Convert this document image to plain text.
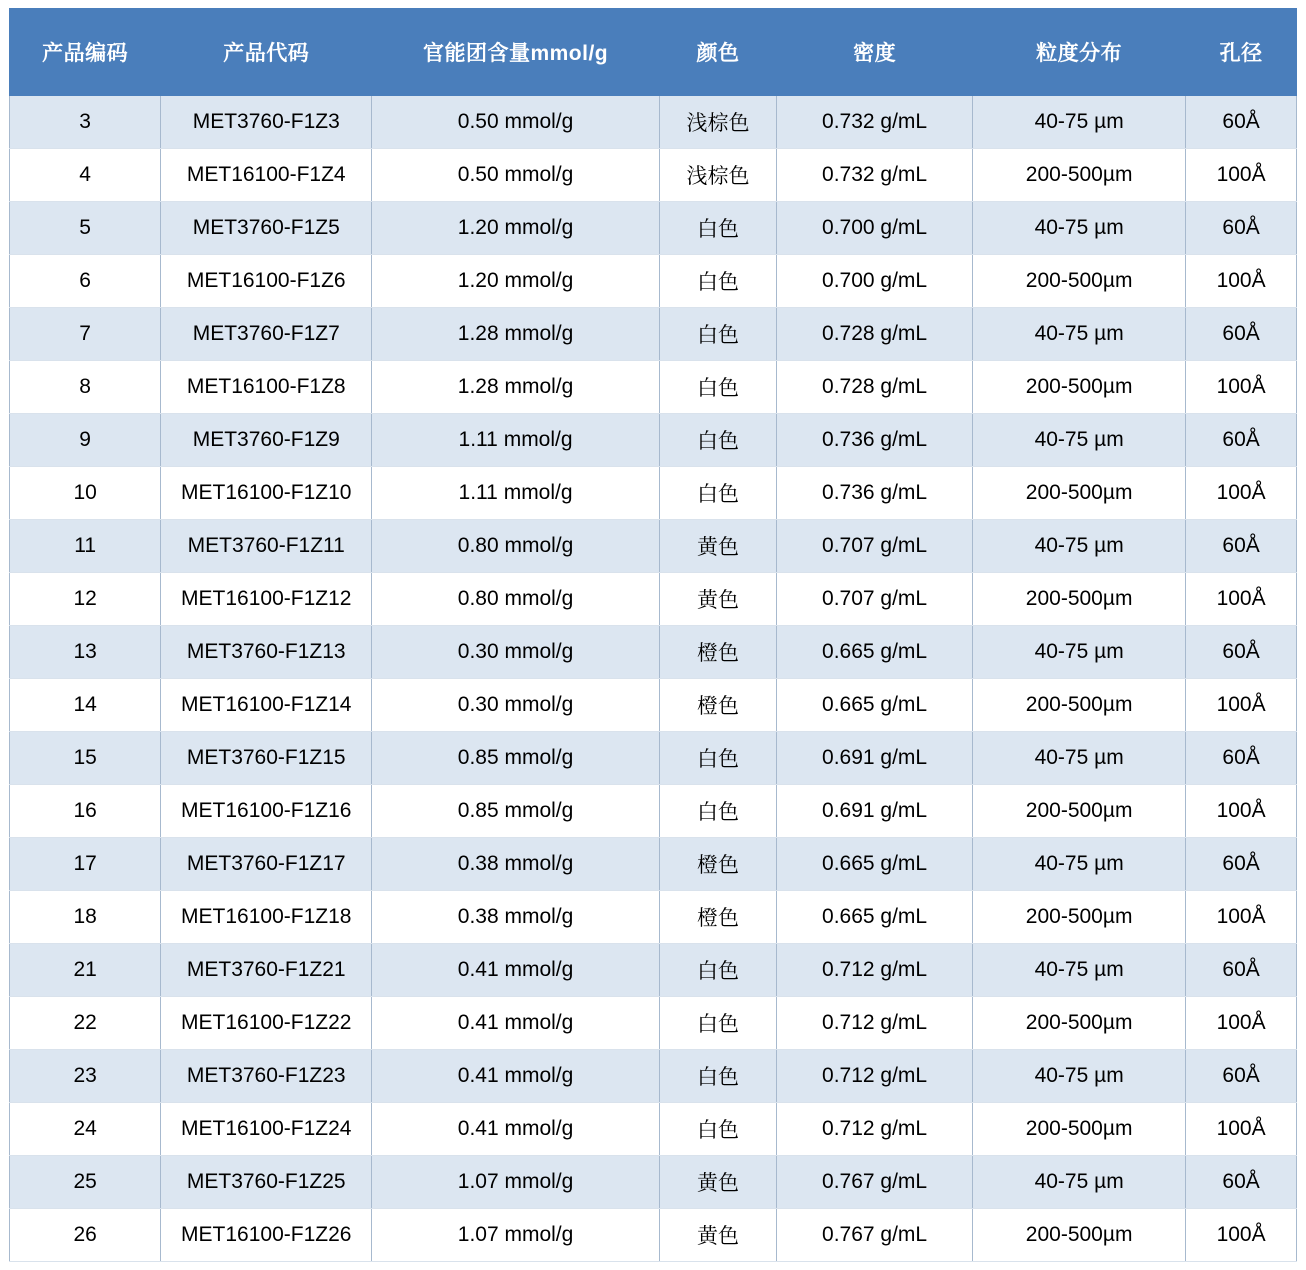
产品编码	产品代码	官能团含量mmol/g	颜色	密度	粒度分布	孔径
3	MET3760-F1Z3	0.50 mmol/g	浅棕色	0.732 g/mL	40-75 µm	60Å
4	MET16100-F1Z4	0.50 mmol/g	浅棕色	0.732 g/mL	200-500µm	100Å
5	MET3760-F1Z5	1.20 mmol/g	白色	0.700 g/mL	40-75 µm	60Å
6	MET16100-F1Z6	1.20 mmol/g	白色	0.700 g/mL	200-500µm	100Å
7	MET3760-F1Z7	1.28 mmol/g	白色	0.728 g/mL	40-75 µm	60Å
8	MET16100-F1Z8	1.28 mmol/g	白色	0.728 g/mL	200-500µm	100Å
9	MET3760-F1Z9	1.11 mmol/g	白色	0.736 g/mL	40-75 µm	60Å
10	MET16100-F1Z10	1.11 mmol/g	白色	0.736 g/mL	200-500µm	100Å
11	MET3760-F1Z11	0.80 mmol/g	黄色	0.707 g/mL	40-75 µm	60Å
12	MET16100-F1Z12	0.80 mmol/g	黄色	0.707 g/mL	200-500µm	100Å
13	MET3760-F1Z13	0.30 mmol/g	橙色	0.665 g/mL	40-75 µm	60Å
14	MET16100-F1Z14	0.30 mmol/g	橙色	0.665 g/mL	200-500µm	100Å
15	MET3760-F1Z15	0.85 mmol/g	白色	0.691 g/mL	40-75 µm	60Å
16	MET16100-F1Z16	0.85 mmol/g	白色	0.691 g/mL	200-500µm	100Å
17	MET3760-F1Z17	0.38 mmol/g	橙色	0.665 g/mL	40-75 µm	60Å
18	MET16100-F1Z18	0.38 mmol/g	橙色	0.665 g/mL	200-500µm	100Å
21	MET3760-F1Z21	0.41 mmol/g	白色	0.712 g/mL	40-75 µm	60Å
22	MET16100-F1Z22	0.41 mmol/g	白色	0.712 g/mL	200-500µm	100Å
23	MET3760-F1Z23	0.41 mmol/g	白色	0.712 g/mL	40-75 µm	60Å
24	MET16100-F1Z24	0.41 mmol/g	白色	0.712 g/mL	200-500µm	100Å
25	MET3760-F1Z25	1.07 mmol/g	黄色	0.767 g/mL	40-75 µm	60Å
26	MET16100-F1Z26	1.07 mmol/g	黄色	0.767 g/mL	200-500µm	100Å
